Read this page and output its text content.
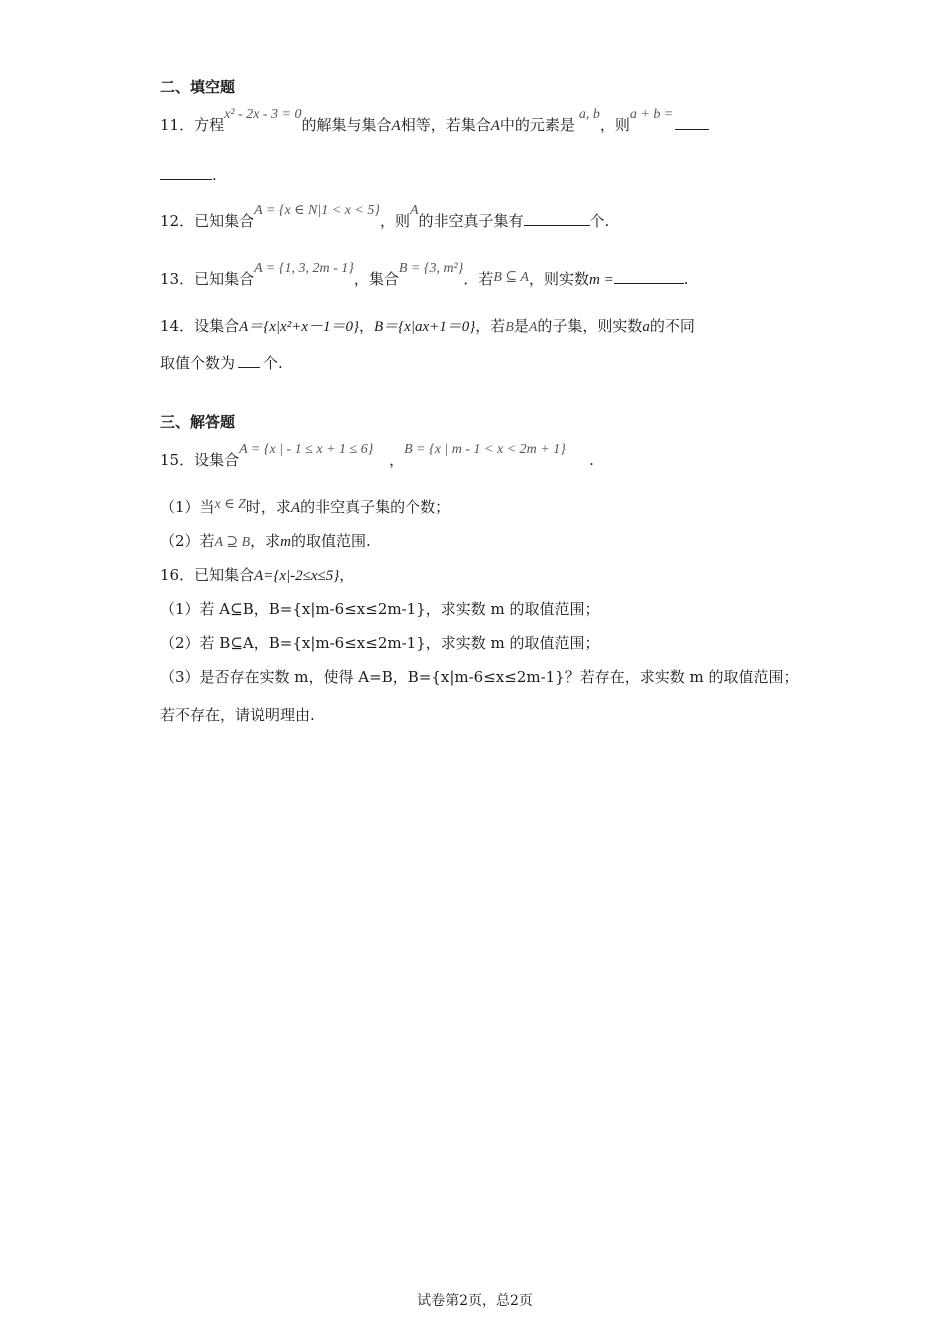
二、填空题
11．方程x² - 2x - 3 = 0的解集与集合A相等，若集合A中的元素是a, b，则a + b =
.
12．已知集合A = {x ∈ N|1 < x < 5}，则A的非空真子集有	个.
13．已知集合A = {1, 3, 2m - 1}，集合B = {3, m²}．若B ⊆ A，则实数m =	.
14．设集合A＝{x|x²+x－1＝0}，B＝{x|ax+1＝0}，若B是A的子集，则实数a的不同
取值个数为 个.
三、解答题
15．设集合A = {x | - 1 ≤ x + 1 ≤ 6}，B = {x | m - 1 < x < 2m + 1}.
（1）当x ∈ Z时，求A的非空真子集的个数；
（2）若A ⊇ B，求m的取值范围.
16．已知集合A={x|-2≤x≤5}，
（1）若 A⊆B，B={x|m-6≤x≤2m-1}，求实数 m 的取值范围；
（2）若 B⊆A，B={x|m-6≤x≤2m-1}，求实数 m 的取值范围；
（3）是否存在实数 m，使得 A=B，B={x|m-6≤x≤2m-1}？若存在，求实数 m 的取值范围；
若不存在，请说明理由.
试卷第2页，总2页
